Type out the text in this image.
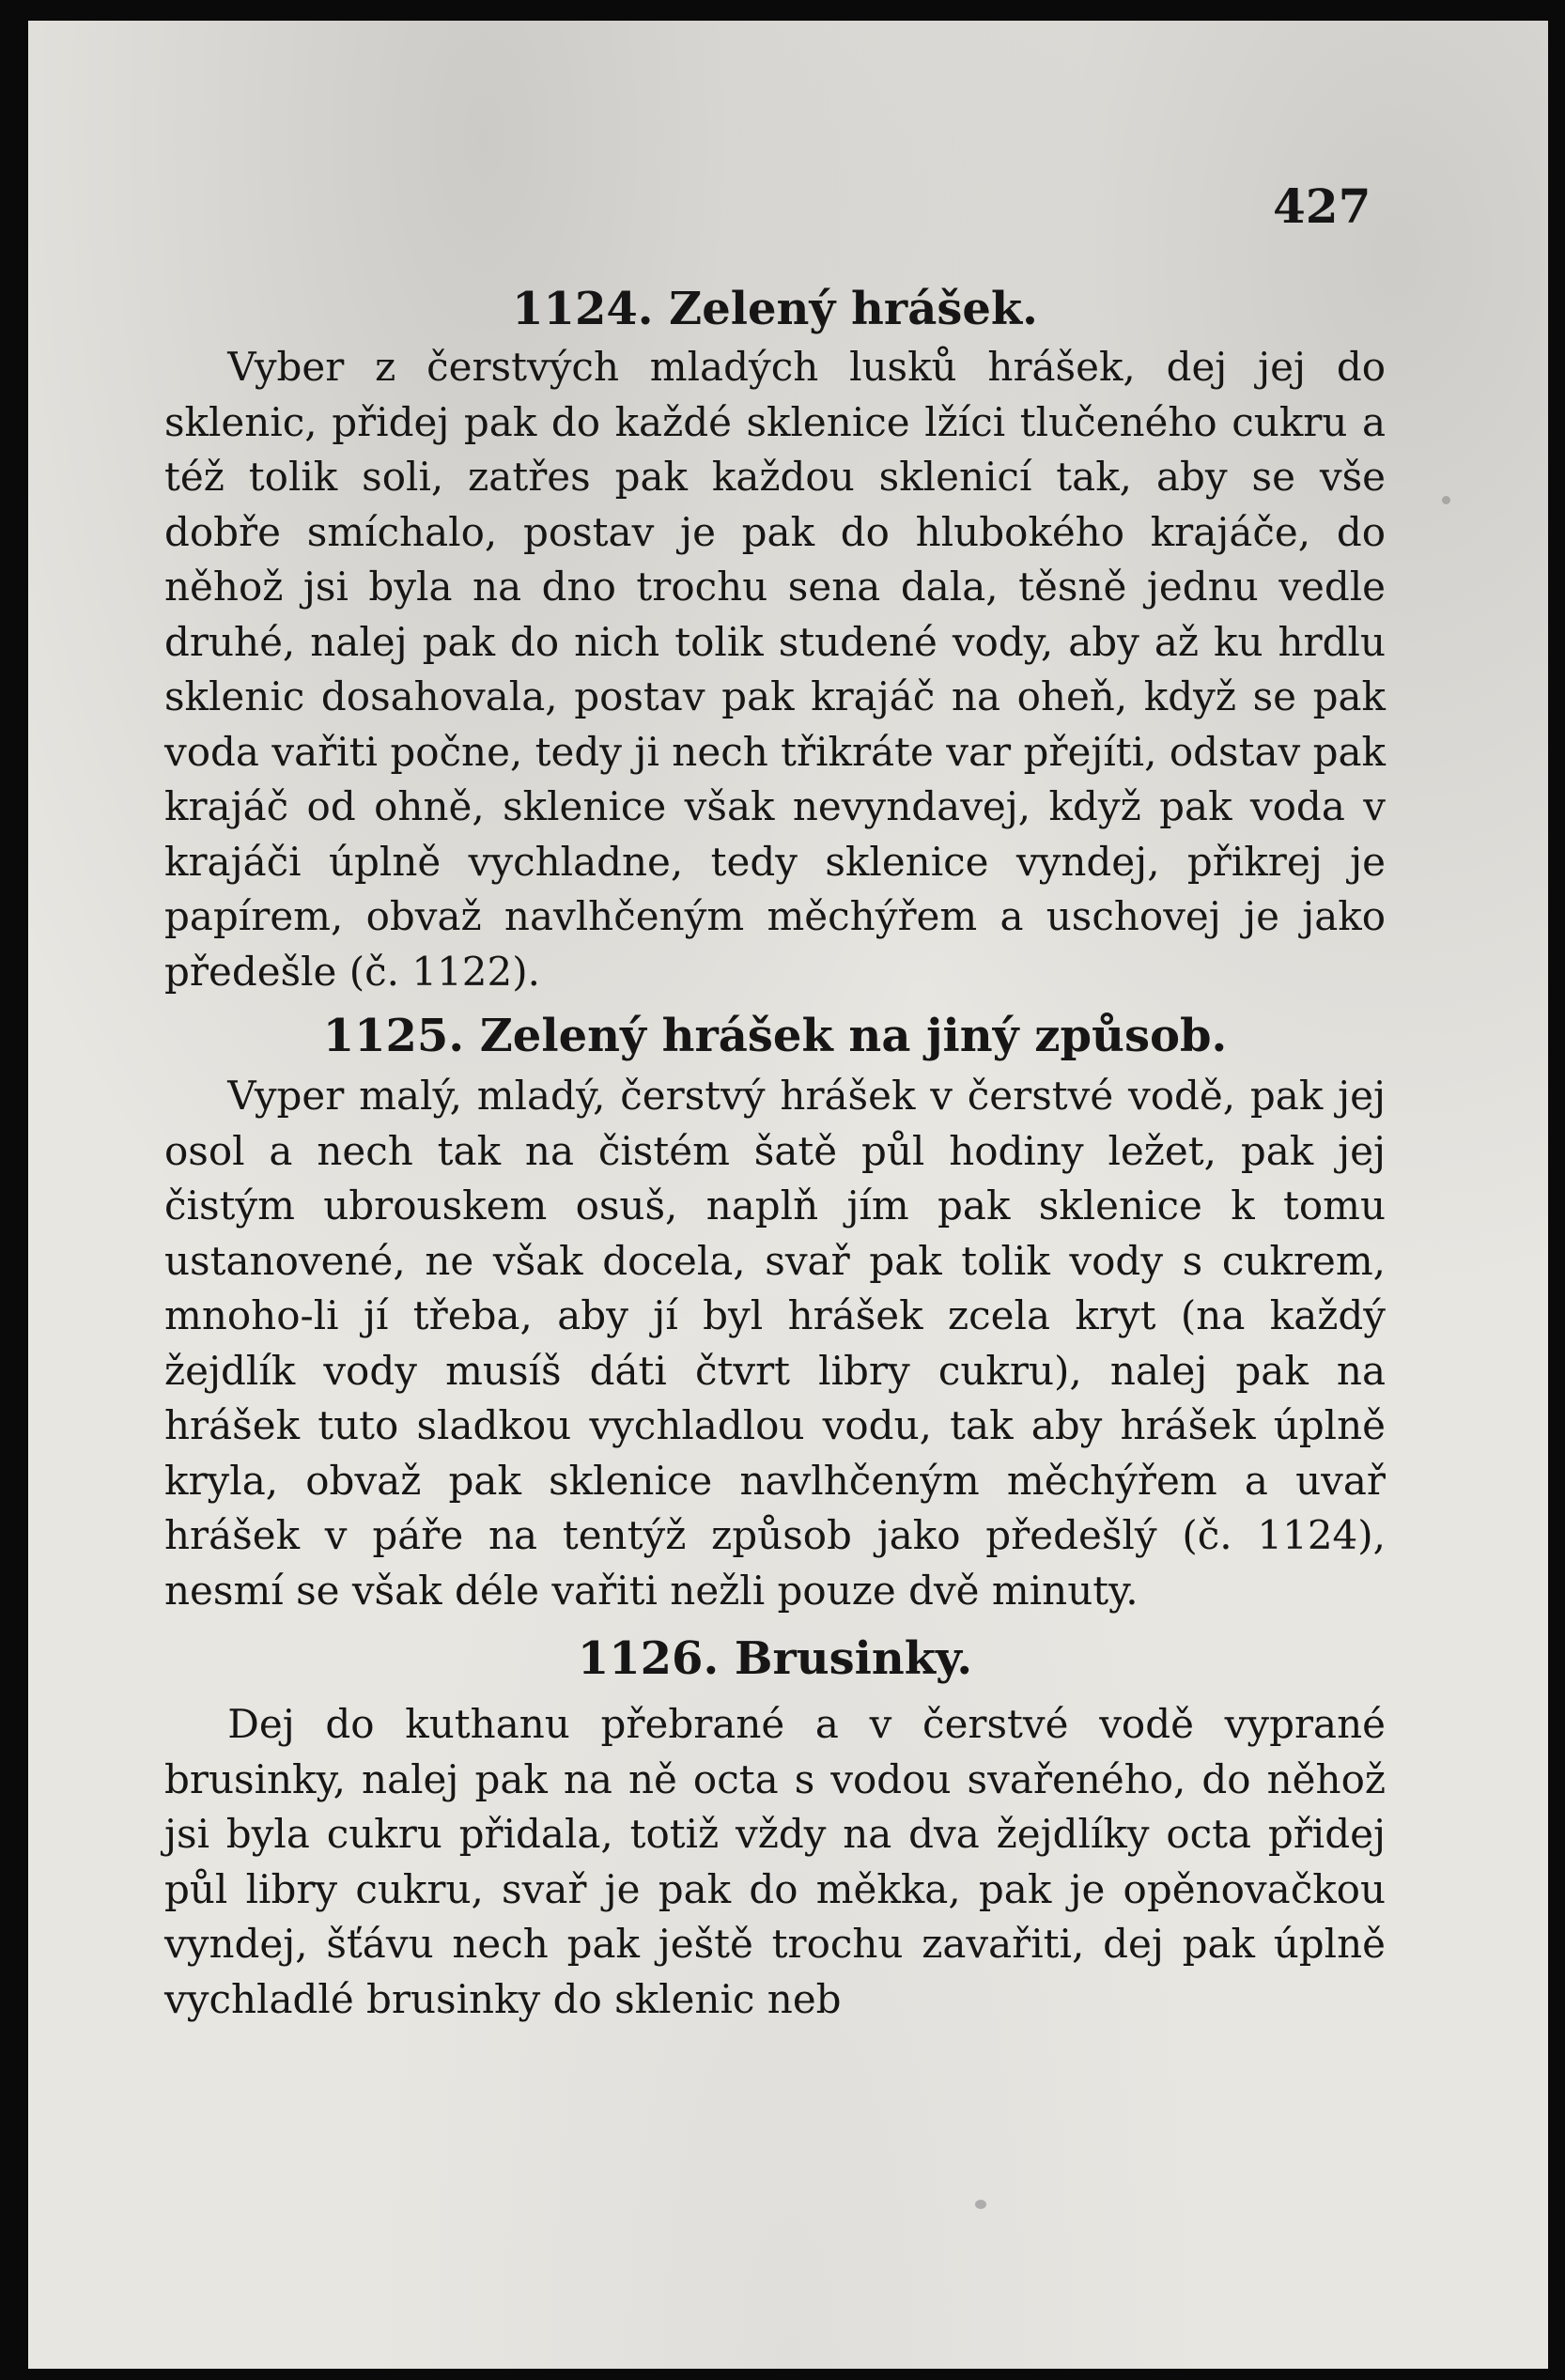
427

1124. Zelený hrášek.

Vyber z čerstvých mladých lusků hrášek, dej jej do sklenic, přidej pak do každé sklenice lžíci tlučeného cukru a též tolik soli, zatřes pak každou sklenicí tak, aby se vše dobře smíchalo, postav je pak do hlubokého krajáče, do něhož jsi byla na dno trochu sena dala, těsně jednu vedle druhé, nalej pak do nich tolik studené vody, aby až ku hrdlu sklenic dosahovala, postav pak krajáč na oheň, když se pak voda vařiti počne, tedy ji nech třikráte var přejíti, odstav pak krajáč od ohně, sklenice však nevyndavej, když pak voda v krajáči úplně vychladne, tedy sklenice vyndej, přikrej je papírem, obvaž navlhčeným měchýřem a uschovej je jako předešle (č. 1122).

1125. Zelený hrášek na jiný způsob.

Vyper malý, mladý, čerstvý hrášek v čerstvé vodě, pak jej osol a nech tak na čistém šatě půl hodiny ležet, pak jej čistým ubrouskem osuš, naplň jím pak sklenice k tomu ustanovené, ne však docela, svař pak tolik vody s cukrem, mnoho-li jí třeba, aby jí byl hrášek zcela kryt (na každý žejdlík vody musíš dáti čtvrt libry cukru), nalej pak na hrášek tuto sladkou vychladlou vodu, tak aby hrášek úplně kryla, obvaž pak sklenice navlhčeným měchýřem a uvař hrášek v páře na tentýž způsob jako předešlý (č. 1124), nesmí se však déle vařiti nežli pouze dvě minuty.

1126. Brusinky.

Dej do kuthanu přebrané a v čerstvé vodě vyprané brusinky, nalej pak na ně octa s vodou svařeného, do něhož jsi byla cukru přidala, totiž vždy na dva žejdlíky octa přidej půl libry cukru, svař je pak do měkka, pak je opěnovačkou vyndej, šťávu nech pak ještě trochu zavařiti, dej pak úplně vychladlé brusinky do sklenic neb
